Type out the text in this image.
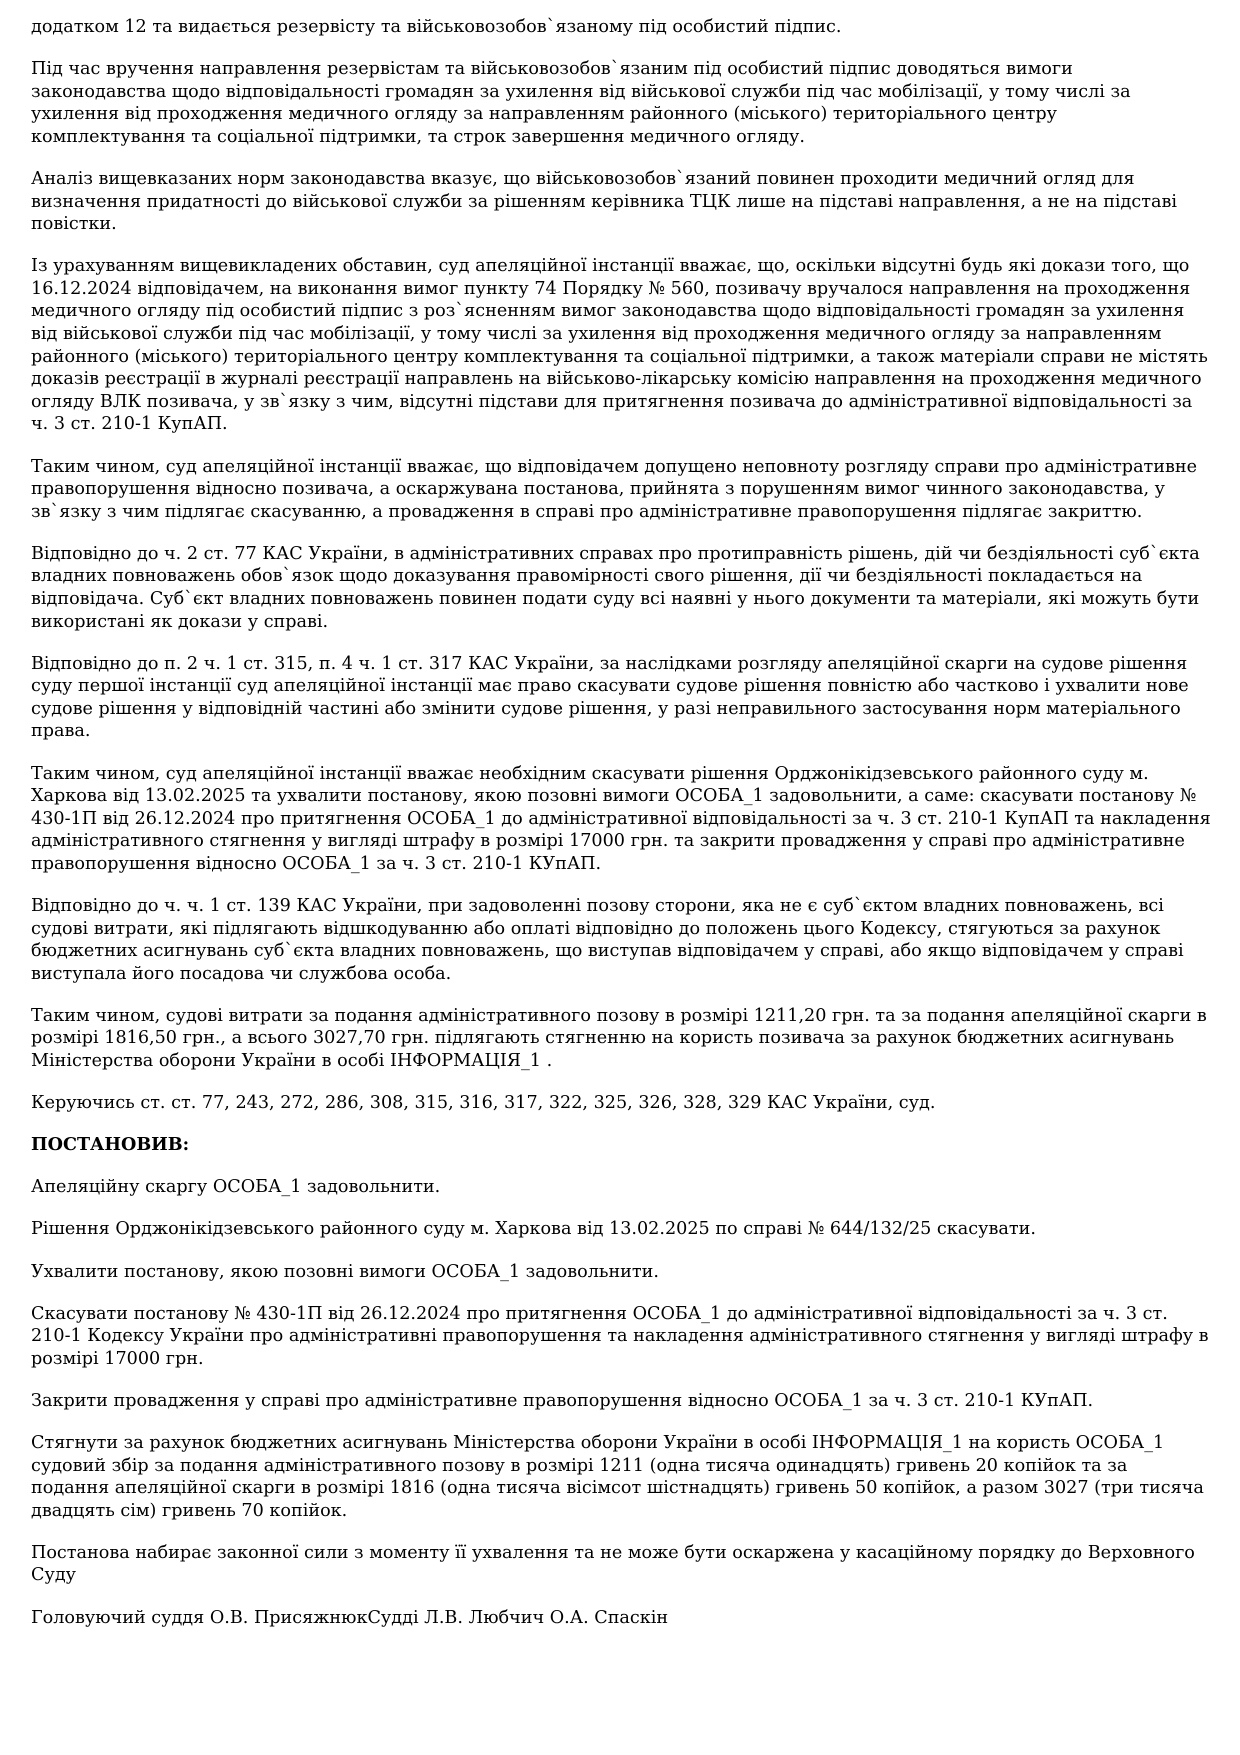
додатком 12 та видається резервісту та військовозобов`язаному під особистий підпис.

Під час вручення направлення резервістам та військовозобов`язаним під особистий підпис доводяться вимоги законодавства щодо відповідальності громадян за ухилення від військової служби під час мобілізації, у тому числі за ухилення від проходження медичного огляду за направленням районного (міського) територіального центру комплектування та соціальної підтримки, та строк завершення медичного огляду.

Аналіз вищевказаних норм законодавства вказує, що військовозобов`язаний повинен проходити медичний огляд для визначення придатності до військової служби за рішенням керівника ТЦК лише на підставі направлення, а не на підставі повістки.

Із урахуванням вищевикладених обставин, суд апеляційної інстанції вважає, що, оскільки відсутні будь які докази того, що 16.12.2024 відповідачем, на виконання вимог пункту 74 Порядку № 560, позивачу вручалося направлення на проходження медичного огляду під особистий підпис з роз`ясненням вимог законодавства щодо відповідальності громадян за ухилення від військової служби під час мобілізації, у тому числі за ухилення від проходження медичного огляду за направленням районного (міського) територіального центру комплектування та соціальної підтримки, а також матеріали справи не містять доказів реєстрації в журналі реєстрації направлень на військово-лікарську комісію направлення на проходження медичного огляду ВЛК позивача, у зв`язку з чим, відсутні підстави для притягнення позивача до адміністративної відповідальності за ч. 3 ст. 210-1 КупАП.

Таким чином, суд апеляційної інстанції вважає, що відповідачем допущено неповноту розгляду справи про адміністративне правопорушення відносно позивача, а оскаржувана постанова, прийнята з порушенням вимог чинного законодавства, у зв`язку з чим підлягає скасуванню, а провадження в справі про адміністративне правопорушення підлягає закриттю.

Відповідно до ч. 2 ст. 77 КАС України, в адміністративних справах про протиправність рішень, дій чи бездіяльності суб`єкта владних повноважень обов`язок щодо доказування правомірності свого рішення, дії чи бездіяльності покладається на відповідача. Суб`єкт владних повноважень повинен подати суду всі наявні у нього документи та матеріали, які можуть бути використані як докази у справі.

Відповідно до п. 2 ч. 1 ст. 315, п. 4 ч. 1 ст. 317 КАС України, за наслідками розгляду апеляційної скарги на судове рішення суду першої інстанції суд апеляційної інстанції має право скасувати судове рішення повністю або частково і ухвалити нове судове рішення у відповідній частині або змінити судове рішення, у разі неправильного застосування норм матеріального права.

Таким чином, суд апеляційної інстанції вважає необхідним скасувати рішення Орджонікідзевського районного суду м. Харкова від 13.02.2025 та ухвалити постанову, якою позовні вимоги ОСОБА_1 задовольнити, а саме: скасувати постанову № 430-1П від 26.12.2024 про притягнення ОСОБА_1 до адміністративної відповідальності за ч. 3 ст. 210-1 КупАП та накладення адміністративного стягнення у вигляді штрафу в розмірі 17000 грн. та закрити провадження у справі про адміністративне правопорушення відносно ОСОБА_1 за ч. 3 ст. 210-1 КУпАП.

Відповідно до ч. ч. 1 ст. 139 КАС України, при задоволенні позову сторони, яка не є суб`єктом владних повноважень, всі судові витрати, які підлягають відшкодуванню або оплаті відповідно до положень цього Кодексу, стягуються за рахунок бюджетних асигнувань суб`єкта владних повноважень, що виступав відповідачем у справі, або якщо відповідачем у справі виступала його посадова чи службова особа.

Таким чином, судові витрати за подання адміністративного позову в розмірі 1211,20 грн. та за подання апеляційної скарги в розмірі 1816,50 грн., а всього 3027,70 грн. підлягають стягненню на користь позивача за рахунок бюджетних асигнувань Міністерства оборони України в особі ІНФОРМАЦІЯ_1 .

Керуючись ст. ст. 77, 243, 272, 286, 308, 315, 316, 317, 322, 325, 326, 328, 329 КАС України, суд.

ПОСТАНОВИВ:

Апеляційну скаргу ОСОБА_1 задовольнити.

Рішення Орджонікідзевського районного суду м. Харкова від 13.02.2025 по справі № 644/132/25 скасувати.

Ухвалити постанову, якою позовні вимоги ОСОБА_1 задовольнити.

Скасувати постанову № 430-1П від 26.12.2024 про притягнення ОСОБА_1 до адміністративної відповідальності за ч. 3 ст. 210-1 Кодексу України про адміністративні правопорушення та накладення адміністративного стягнення у вигляді штрафу в розмірі 17000 грн.

Закрити провадження у справі про адміністративне правопорушення відносно ОСОБА_1 за ч. 3 ст. 210-1 КУпАП.

Стягнути за рахунок бюджетних асигнувань Міністерства оборони України в особі ІНФОРМАЦІЯ_1 на користь ОСОБА_1 судовий збір за подання адміністративного позову в розмірі 1211 (одна тисяча одинадцять) гривень 20 копійок та за подання апеляційної скарги в розмірі 1816 (одна тисяча вісімсот шістнадцять) гривень 50 копійок, а разом 3027 (три тисяча двадцять сім) гривень 70 копійок.

Постанова набирає законної сили з моменту її ухвалення та не може бути оскаржена у касаційному порядку до Верховного Суду

Головуючий суддя О.В. ПрисяжнюкСудді Л.В. Любчич О.А. Спаскін
